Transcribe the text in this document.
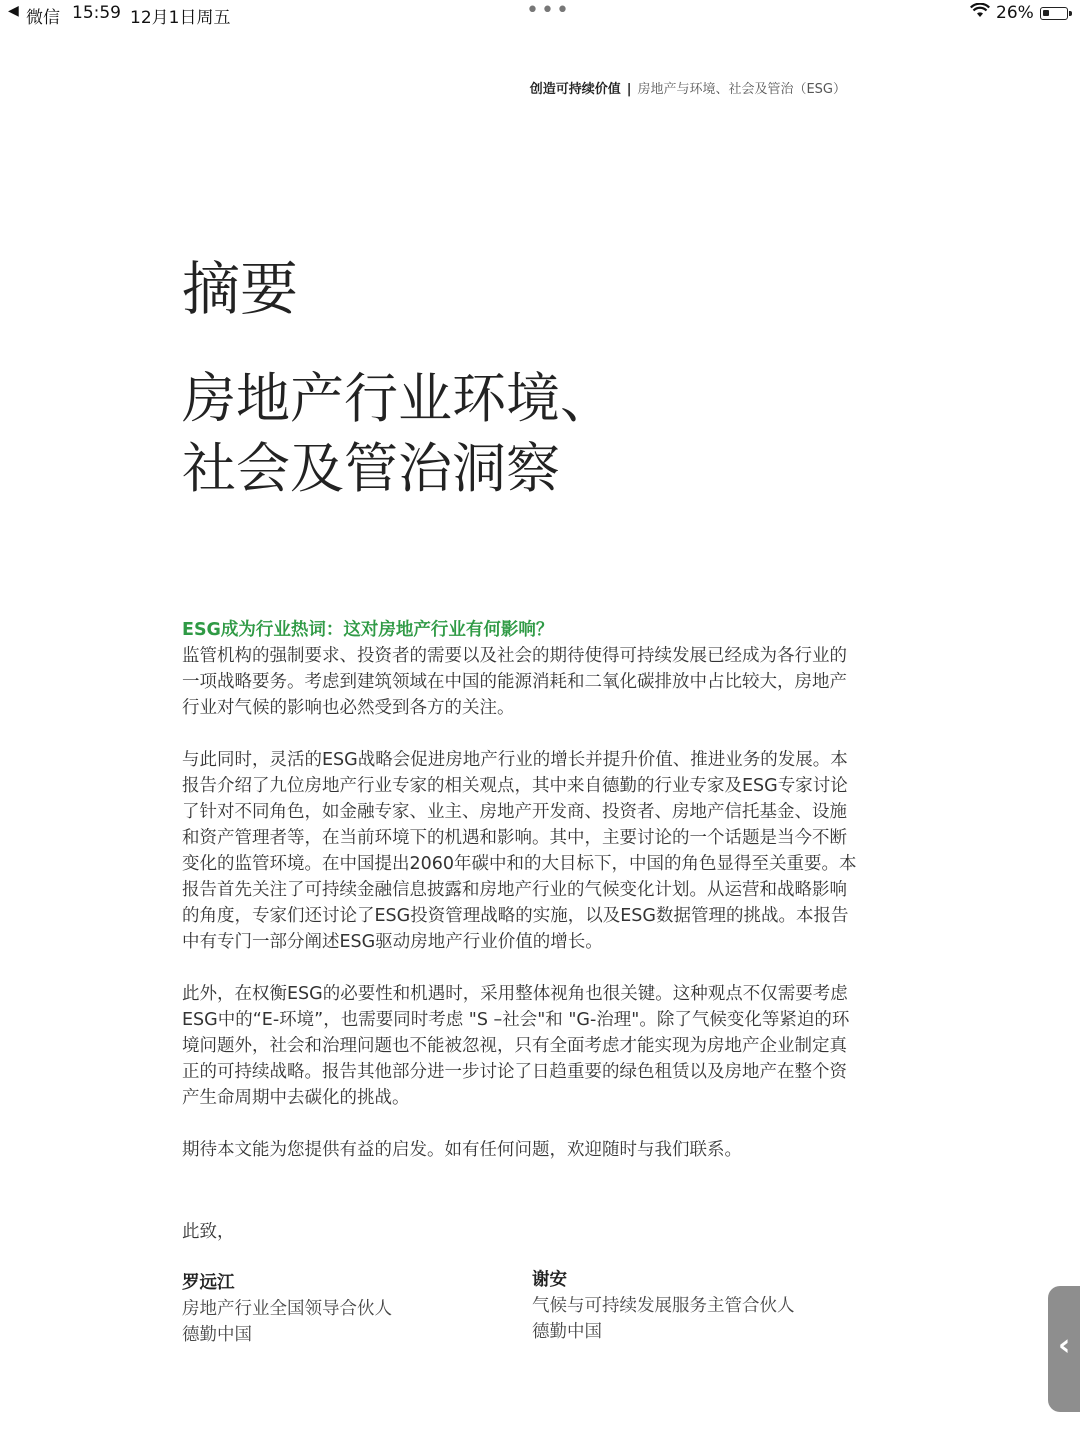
◀ 微信 15:59 12月1日周五	•••	26%
创造可持续价值 | 房地产与环境、社会及管治（ESG）
摘要
房地产行业环境、
社会及管治洞察
ESG成为行业热词：这对房地产行业有何影响？

监管机构的强制要求、投资者的需要以及社会的期待使得可持续发展已经成为各行业的一项战略要务。考虑到建筑领域在中国的能源消耗和二氧化碳排放中占比较大，房地产行业对气候的影响也必然受到各方的关注。

与此同时，灵活的ESG战略会促进房地产行业的增长并提升价值、推进业务的发展。本报告介绍了九位房地产行业专家的相关观点，其中来自德勤的行业专家及ESG专家讨论了针对不同角色，如金融专家、业主、房地产开发商、投资者、房地产信托基金、设施和资产管理者等，在当前环境下的机遇和影响。其中，主要讨论的一个话题是当今不断变化的监管环境。在中国提出2060年碳中和的大目标下，中国的角色显得至关重要。本报告首先关注了可持续金融信息披露和房地产行业的气候变化计划。从运营和战略影响的角度，专家们还讨论了ESG投资管理战略的实施，以及ESG数据管理的挑战。本报告中有专门一部分阐述ESG驱动房地产行业价值的增长。

此外，在权衡ESG的必要性和机遇时，采用整体视角也很关键。这种观点不仅需要考虑ESG中的“E-环境”，也需要同时考虑 "S –社会"和 "G-治理"。除了气候变化等紧迫的环境问题外，社会和治理问题也不能被忽视，只有全面考虑才能实现为房地产企业制定真正的可持续战略。报告其他部分进一步讨论了日趋重要的绿色租赁以及房地产在整个资产生命周期中去碳化的挑战。

期待本文能为您提供有益的启发。如有任何问题，欢迎随时与我们联系。

此致，
罗远江
房地产行业全国领导合伙人
德勤中国
谢安
气候与可持续发展服务主管合伙人
德勤中国	‹
